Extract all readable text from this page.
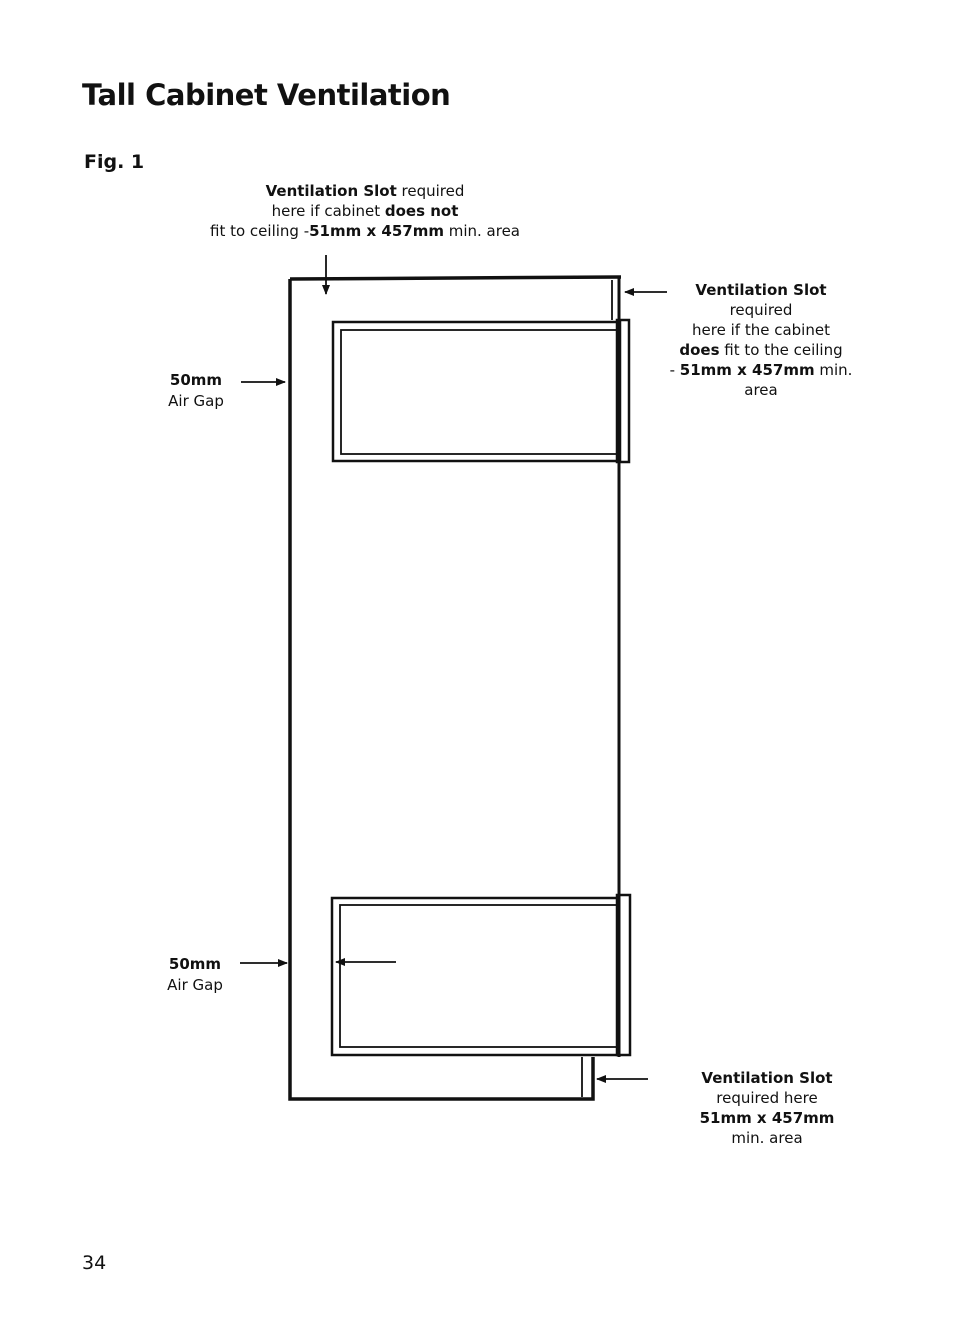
Tall Cabinet Ventilation
Fig. 1
Ventilation Slot required
here if cabinet does not
fit to ceiling -51mm x 457mm min. area
Ventilation Slot
required
here if the cabinet
does fit to the ceiling
- 51mm x 457mm min.
area
Ventilation Slot
required here
51mm x 457mm
min. area
50mm
Air Gap
50mm
Air Gap
34
